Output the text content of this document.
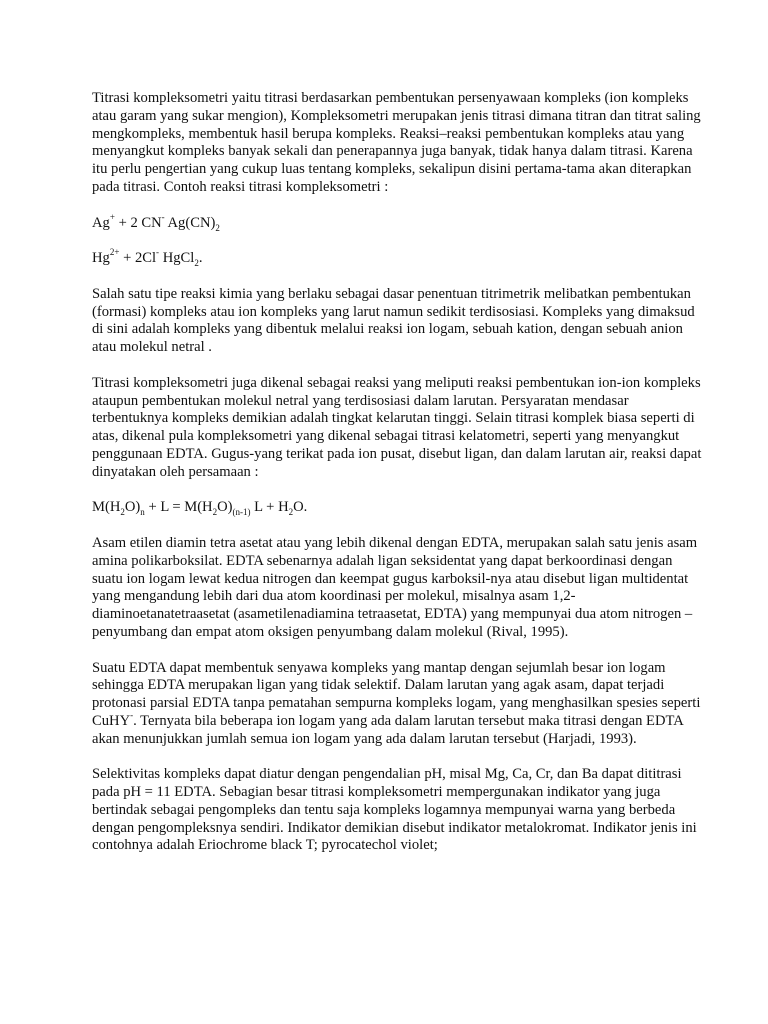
Titrasi kompleksometri yaitu titrasi berdasarkan pembentukan persenyawaan kompleks (ion kompleks atau garam yang sukar mengion), Kompleksometri merupakan jenis titrasi dimana titran dan titrat saling mengkompleks, membentuk hasil berupa kompleks. Reaksi–reaksi pembentukan kompleks atau yang menyangkut kompleks banyak sekali dan penerapannya juga banyak, tidak hanya dalam titrasi. Karena itu perlu pengertian yang cukup luas tentang kompleks, sekalipun disini pertama-tama akan diterapkan pada titrasi. Contoh reaksi titrasi kompleksometri :

Ag+ + 2 CN- $Ag(CN)_2$

$Hg^{2+} + 2Cl^-$ HgCl$_2$.

Salah satu tipe reaksi kimia yang berlaku sebagai dasar penentuan titrimetrik melibatkan pembentukan (formasi) kompleks atau ion kompleks yang larut namun sedikit terdisosiasi. Kompleks yang dimaksud di sini adalah kompleks yang dibentuk melalui reaksi ion logam, sebuah kation, dengan sebuah anion atau molekul netral .

Titrasi kompleksometri juga dikenal sebagai reaksi yang meliputi reaksi pembentukan ion-ion kompleks ataupun pembentukan molekul netral yang terdisosiasi dalam larutan. Persyaratan mendasar terbentuknya kompleks demikian adalah tingkat kelarutan tinggi. Selain titrasi komplek biasa seperti di atas, dikenal pula kompleksometri yang dikenal sebagai titrasi kelatometri, seperti yang menyangkut penggunaan EDTA. Gugus-yang terikat pada ion pusat, disebut ligan, dan dalam larutan air, reaksi dapat dinyatakan oleh persamaan :

$M(H_2O)_n + L = M(H_2O)_{(n-1)}$ $L + H_2O$.

Asam etilen diamin tetra asetat atau yang lebih dikenal dengan EDTA, merupakan salah satu jenis asam amina polikarboksilat. EDTA sebenarnya adalah ligan seksidentat yang dapat berkoordinasi dengan suatu ion logam lewat kedua nitrogen dan keempat gugus karboksil-nya atau disebut ligan multidentat yang mengandung lebih dari dua atom koordinasi per molekul, misalnya asam 1,2-diaminoetanatetraasetat (asametilenadiamina tetraasetat, EDTA) yang mempunyai dua atom nitrogen – penyumbang dan empat atom oksigen penyumbang dalam molekul (Rival, 1995).

Suatu EDTA dapat membentuk senyawa kompleks yang mantap dengan sejumlah besar ion logam sehingga EDTA merupakan ligan yang tidak selektif. Dalam larutan yang agak asam, dapat terjadi protonasi parsial EDTA tanpa pematahan sempurna kompleks logam, yang menghasilkan spesies seperti CuHY-. Ternyata bila beberapa ion logam yang ada dalam larutan tersebut maka titrasi dengan EDTA akan menunjukkan jumlah semua ion logam yang ada dalam larutan tersebut (Harjadi, 1993).

Selektivitas kompleks dapat diatur dengan pengendalian pH, misal Mg, Ca, Cr, dan Ba dapat dititrasi pada pH = 11 EDTA. Sebagian besar titrasi kompleksometri mempergunakan indikator yang juga bertindak sebagai pengompleks dan tentu saja kompleks logamnya mempunyai warna yang berbeda dengan pengompleksnya sendiri. Indikator demikian disebut indikator metalokromat. Indikator jenis ini contohnya adalah Eriochrome black T; pyrocatechol violet;
